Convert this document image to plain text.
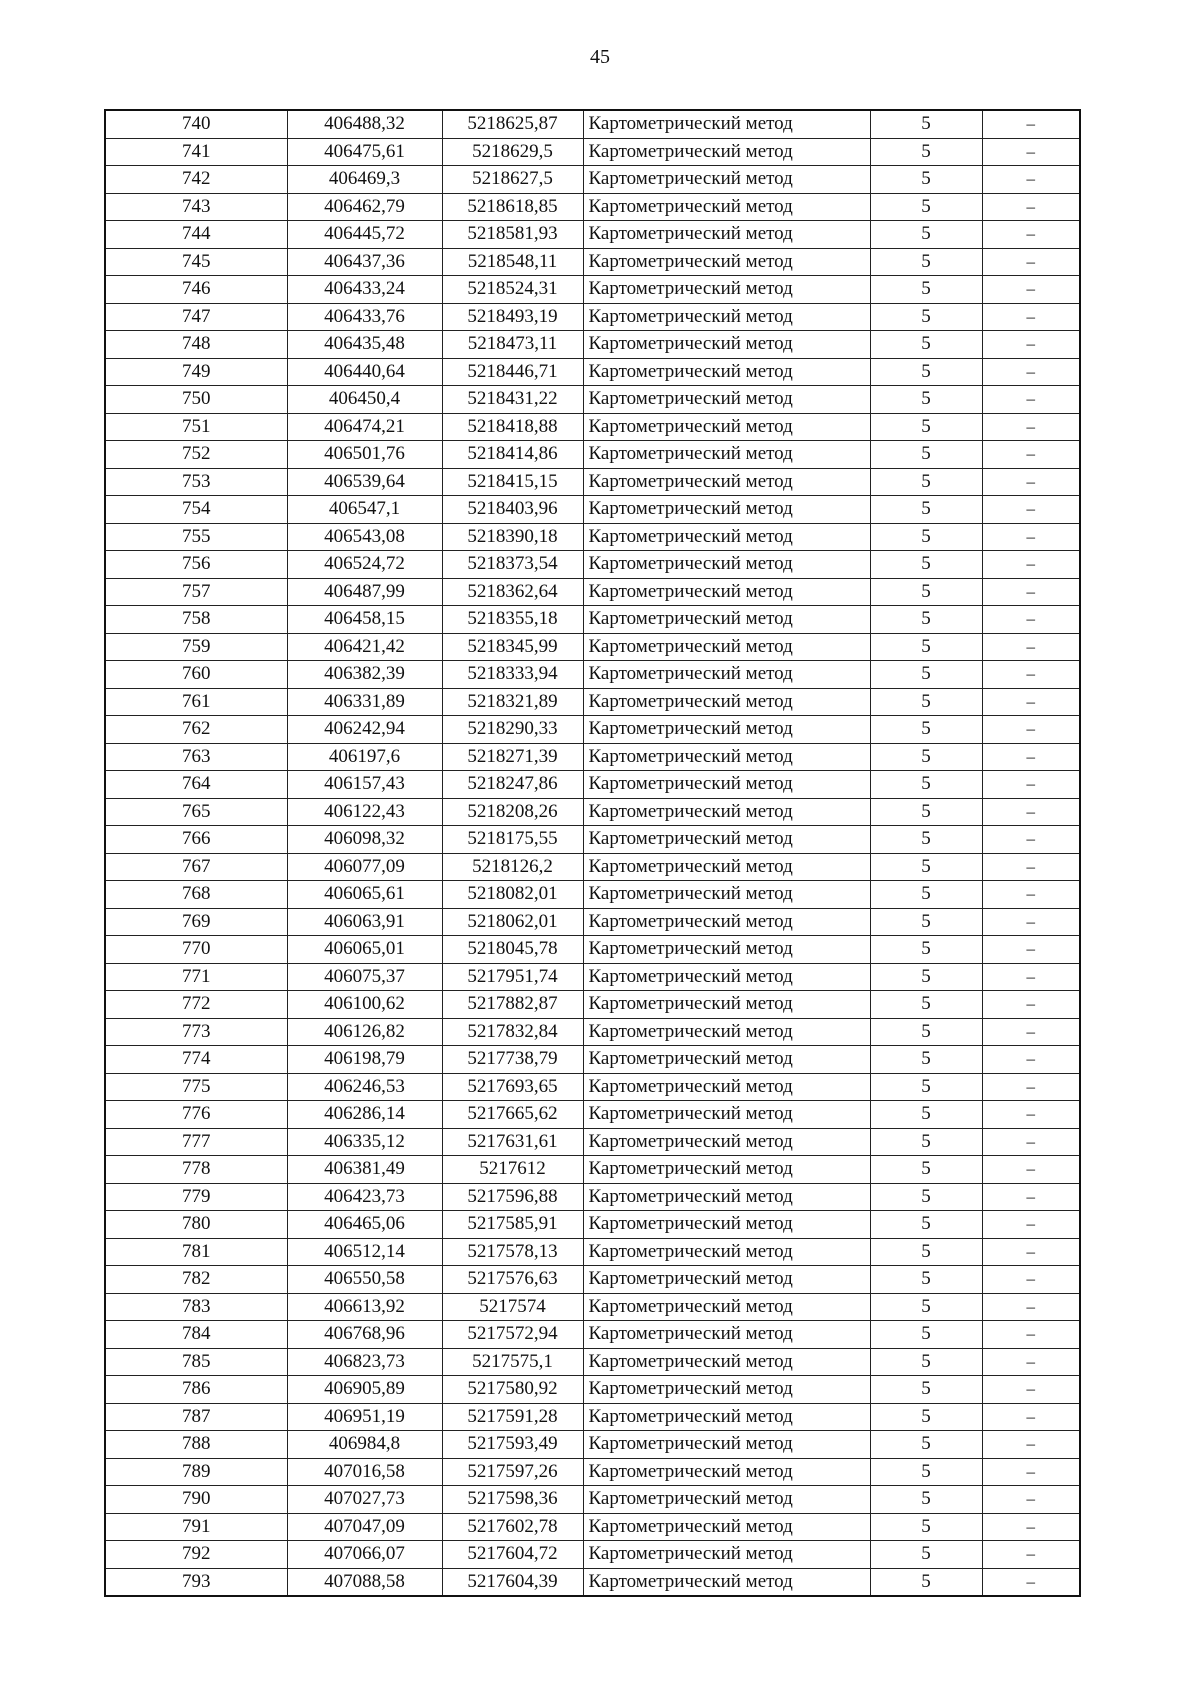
45
740	406488,32	5218625,87	Картометрический метод	5	–
741	406475,61	5218629,5	Картометрический метод	5	–
742	406469,3	5218627,5	Картометрический метод	5	–
743	406462,79	5218618,85	Картометрический метод	5	–
744	406445,72	5218581,93	Картометрический метод	5	–
745	406437,36	5218548,11	Картометрический метод	5	–
746	406433,24	5218524,31	Картометрический метод	5	–
747	406433,76	5218493,19	Картометрический метод	5	–
748	406435,48	5218473,11	Картометрический метод	5	–
749	406440,64	5218446,71	Картометрический метод	5	–
750	406450,4	5218431,22	Картометрический метод	5	–
751	406474,21	5218418,88	Картометрический метод	5	–
752	406501,76	5218414,86	Картометрический метод	5	–
753	406539,64	5218415,15	Картометрический метод	5	–
754	406547,1	5218403,96	Картометрический метод	5	–
755	406543,08	5218390,18	Картометрический метод	5	–
756	406524,72	5218373,54	Картометрический метод	5	–
757	406487,99	5218362,64	Картометрический метод	5	–
758	406458,15	5218355,18	Картометрический метод	5	–
759	406421,42	5218345,99	Картометрический метод	5	–
760	406382,39	5218333,94	Картометрический метод	5	–
761	406331,89	5218321,89	Картометрический метод	5	–
762	406242,94	5218290,33	Картометрический метод	5	–
763	406197,6	5218271,39	Картометрический метод	5	–
764	406157,43	5218247,86	Картометрический метод	5	–
765	406122,43	5218208,26	Картометрический метод	5	–
766	406098,32	5218175,55	Картометрический метод	5	–
767	406077,09	5218126,2	Картометрический метод	5	–
768	406065,61	5218082,01	Картометрический метод	5	–
769	406063,91	5218062,01	Картометрический метод	5	–
770	406065,01	5218045,78	Картометрический метод	5	–
771	406075,37	5217951,74	Картометрический метод	5	–
772	406100,62	5217882,87	Картометрический метод	5	–
773	406126,82	5217832,84	Картометрический метод	5	–
774	406198,79	5217738,79	Картометрический метод	5	–
775	406246,53	5217693,65	Картометрический метод	5	–
776	406286,14	5217665,62	Картометрический метод	5	–
777	406335,12	5217631,61	Картометрический метод	5	–
778	406381,49	5217612	Картометрический метод	5	–
779	406423,73	5217596,88	Картометрический метод	5	–
780	406465,06	5217585,91	Картометрический метод	5	–
781	406512,14	5217578,13	Картометрический метод	5	–
782	406550,58	5217576,63	Картометрический метод	5	–
783	406613,92	5217574	Картометрический метод	5	–
784	406768,96	5217572,94	Картометрический метод	5	–
785	406823,73	5217575,1	Картометрический метод	5	–
786	406905,89	5217580,92	Картометрический метод	5	–
787	406951,19	5217591,28	Картометрический метод	5	–
788	406984,8	5217593,49	Картометрический метод	5	–
789	407016,58	5217597,26	Картометрический метод	5	–
790	407027,73	5217598,36	Картометрический метод	5	–
791	407047,09	5217602,78	Картометрический метод	5	–
792	407066,07	5217604,72	Картометрический метод	5	–
793	407088,58	5217604,39	Картометрический метод	5	–
